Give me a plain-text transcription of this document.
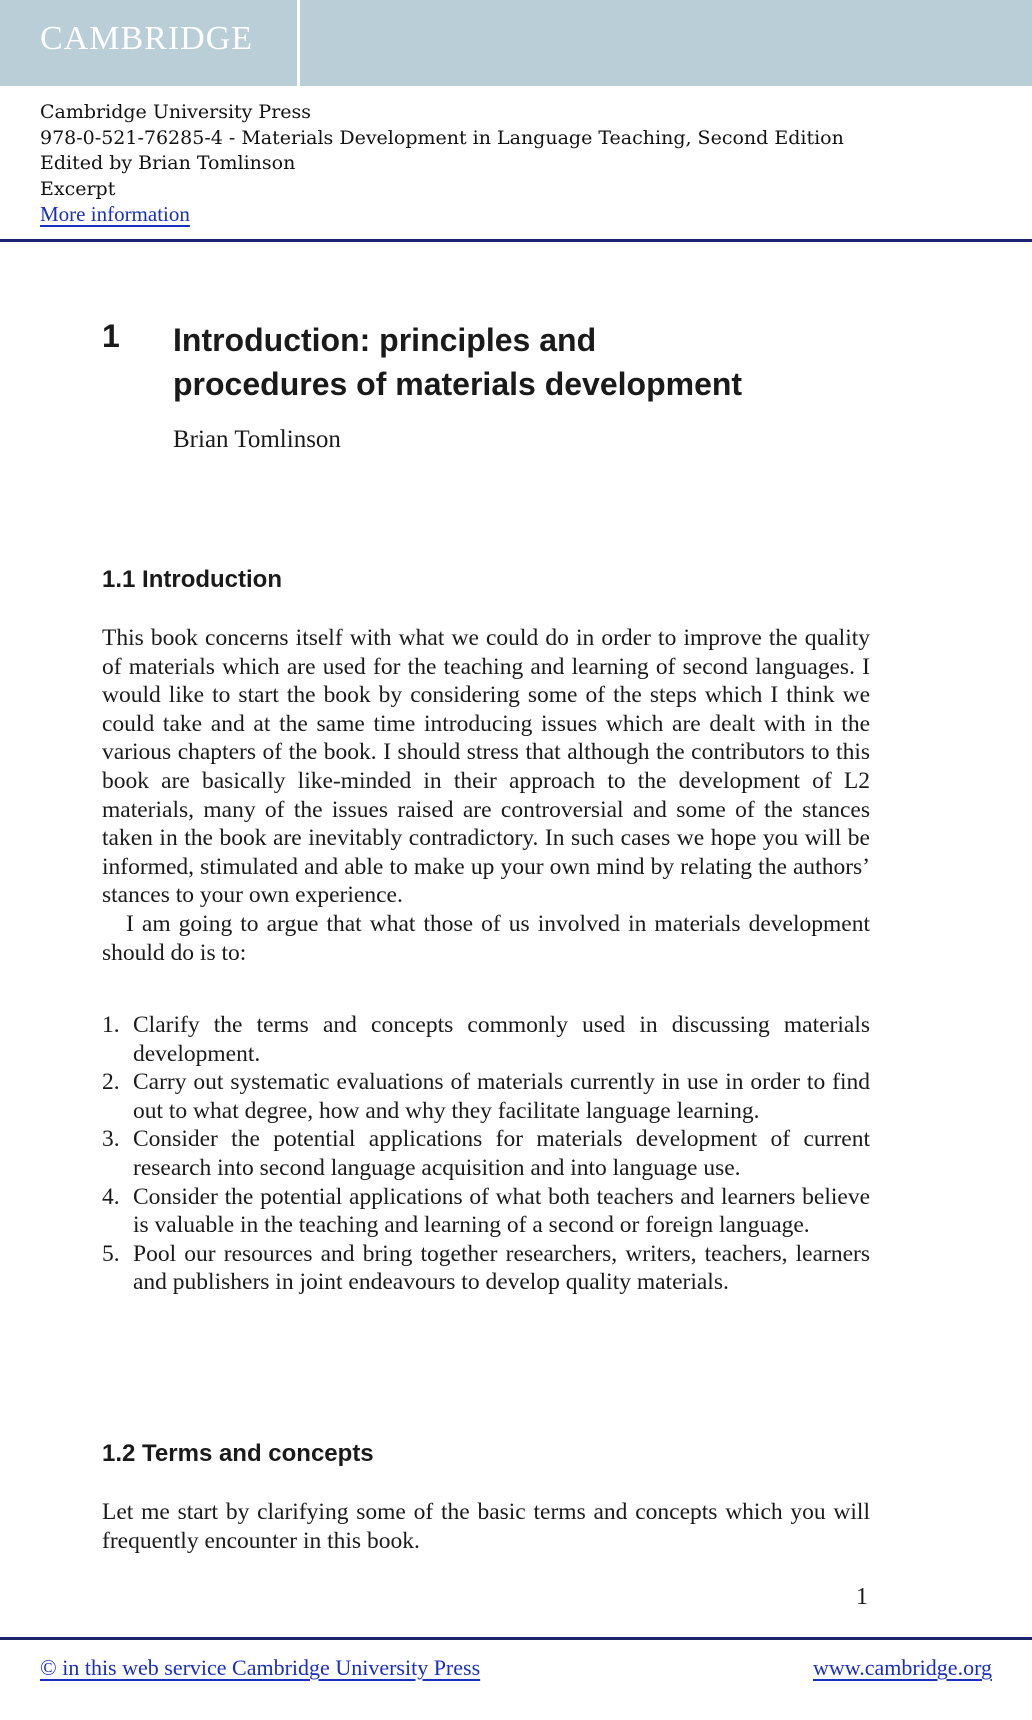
CAMBRIDGE
Cambridge University Press
978-0-521-76285-4 - Materials Development in Language Teaching, Second Edition
Edited by Brian Tomlinson
Excerpt
More information
1 Introduction: principles and
procedures of materials development
Brian Tomlinson
1.1 Introduction

This book concerns itself with what we could do in order to improve the quality of materials which are used for the teaching and learning of second languages. I would like to start the book by considering some of the steps which I think we could take and at the same time introducing issues which are dealt with in the various chapters of the book. I should stress that although the contributors to this book are basically like-minded in their approach to the development of L2 materials, many of the issues raised are controversial and some of the stances taken in the book are inevitably contradictory. In such cases we hope you will be informed, stimulated and able to make up your own mind by relating the authors’ stances to your own experience.

I am going to argue that what those of us involved in materials development should do is to:

1. Clarify the terms and concepts commonly used in discussing materials development.
2. Carry out systematic evaluations of materials currently in use in order to find out to what degree, how and why they facilitate language learning.
3. Consider the potential applications for materials development of current research into second language acquisition and into language use.
4. Consider the potential applications of what both teachers and learners believe is valuable in the teaching and learning of a second or foreign language.
5. Pool our resources and bring together researchers, writers, teachers, learners and publishers in joint endeavours to develop quality materials.
1.2 Terms and concepts

Let me start by clarifying some of the basic terms and concepts which you will frequently encounter in this book.

1
© in this web service Cambridge University Press	www.cambridge.org
